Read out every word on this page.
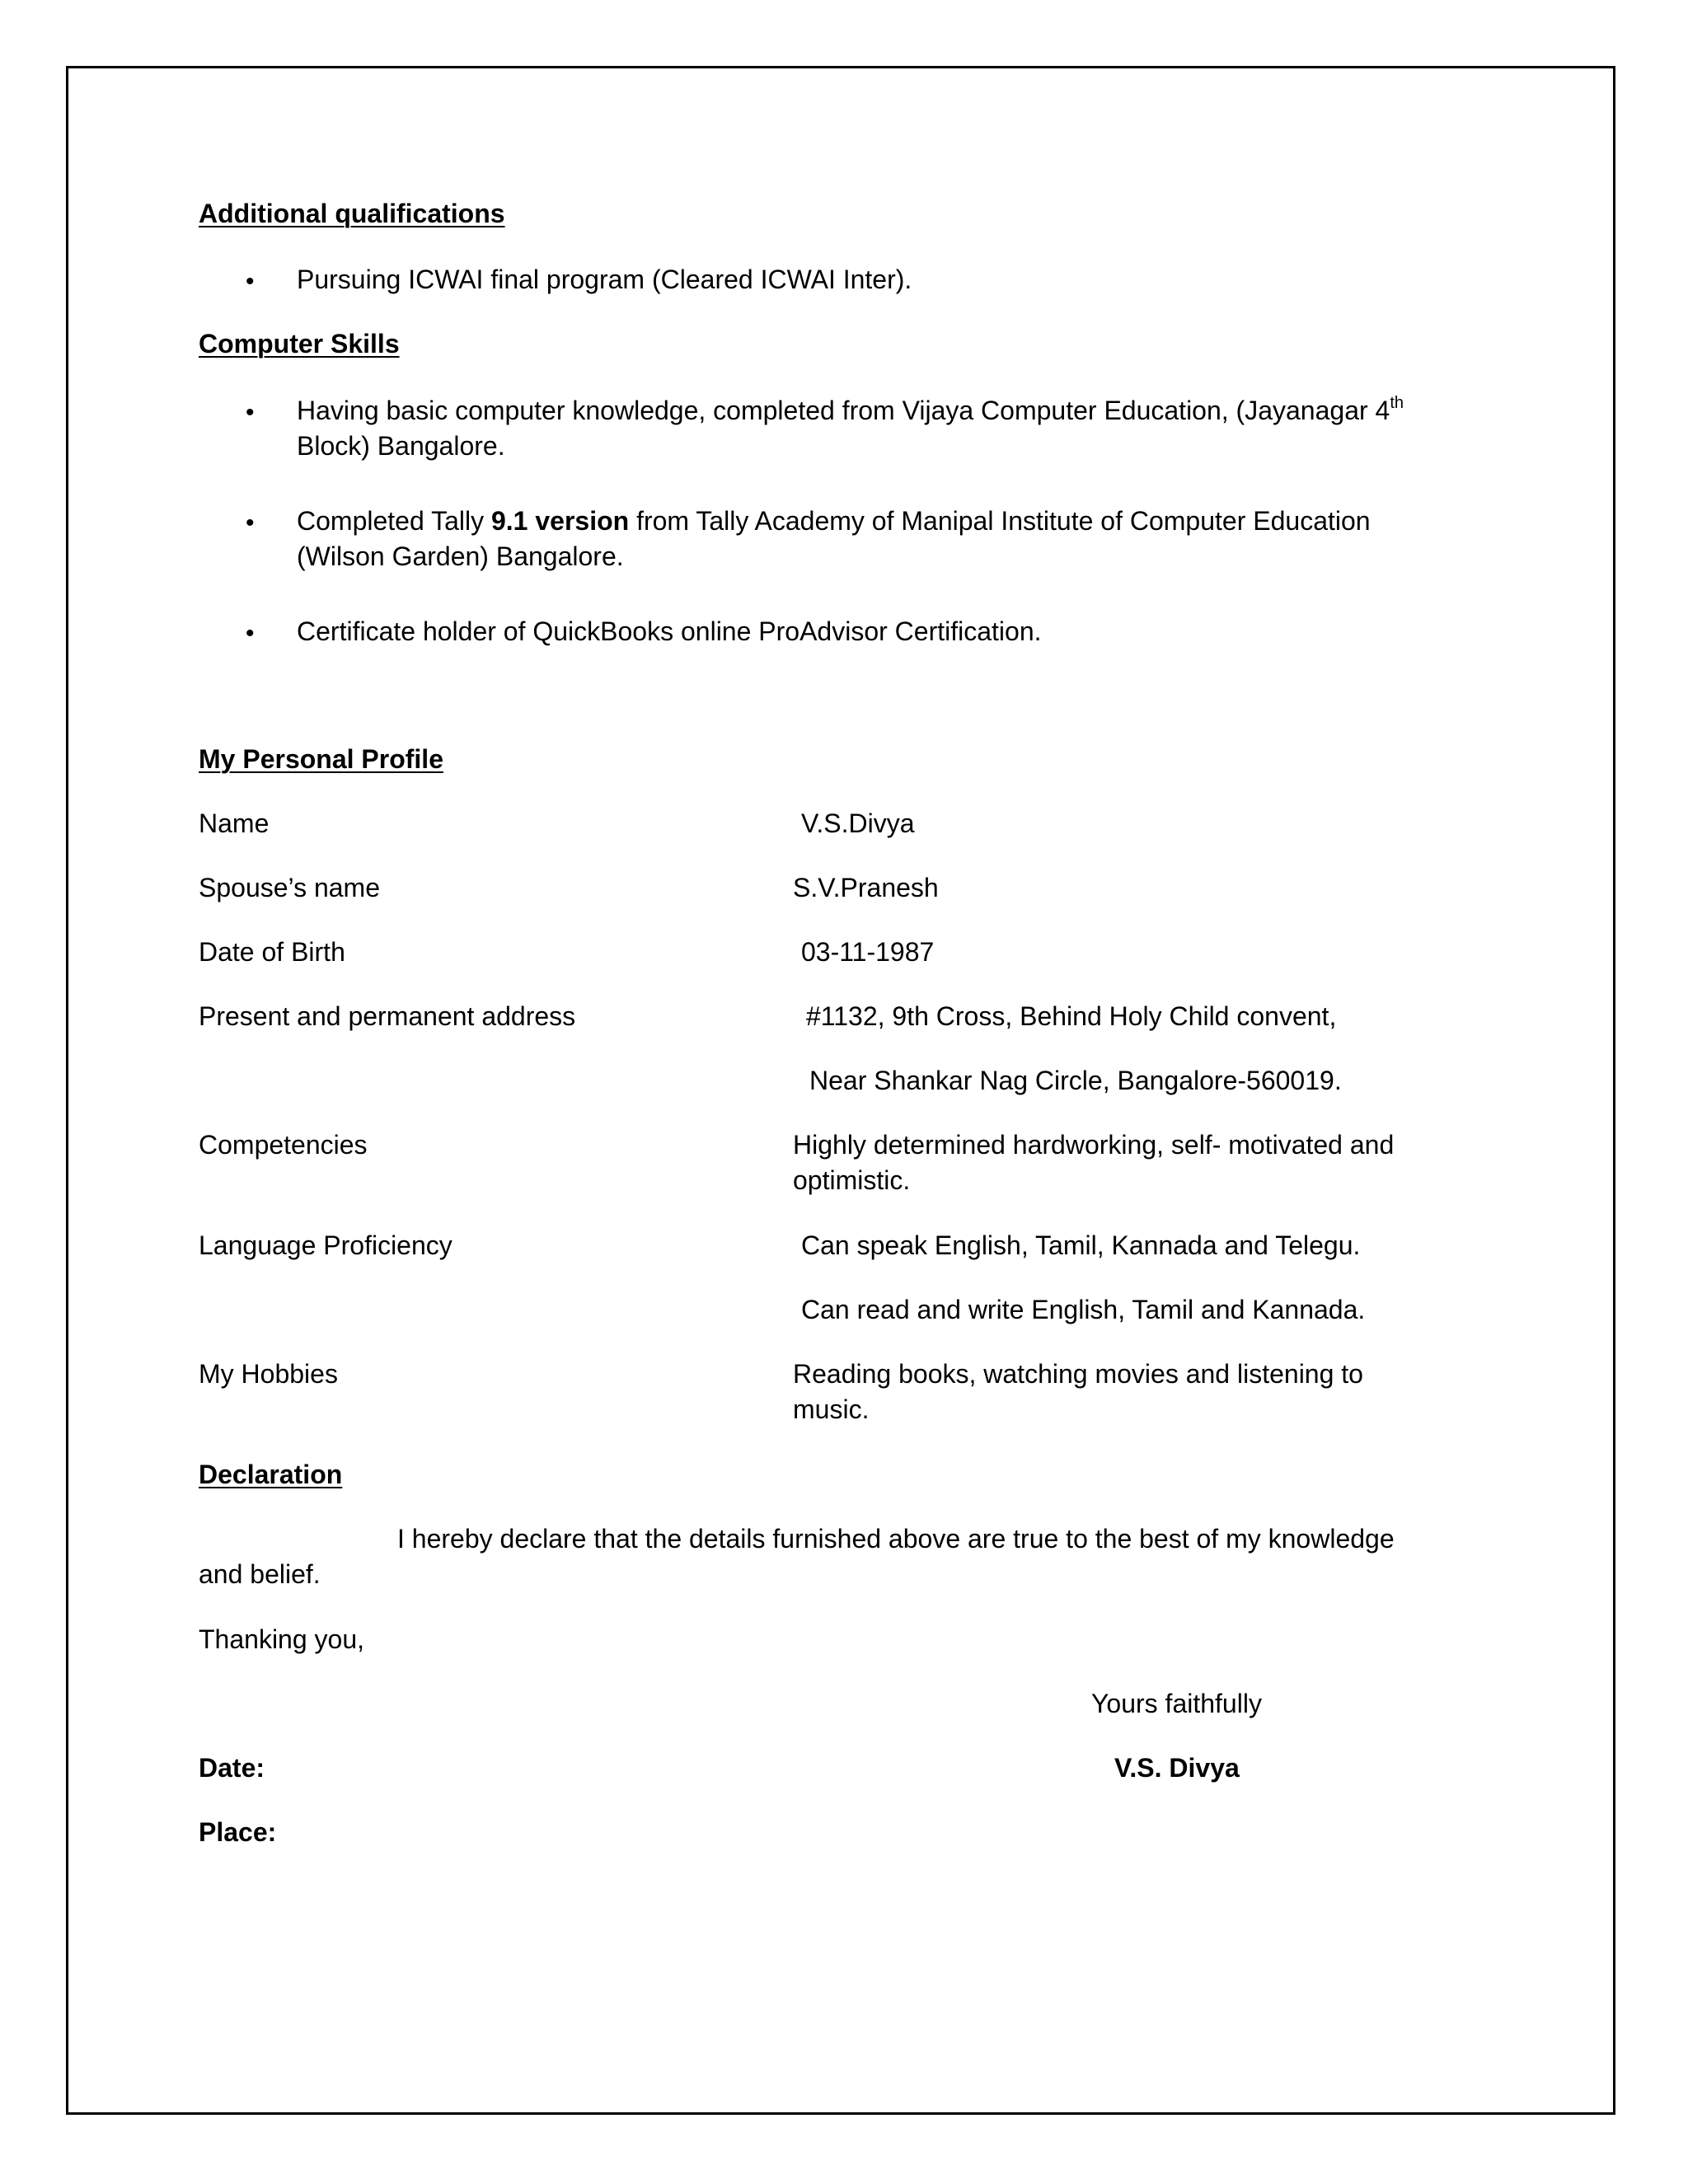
Additional qualifications
• Pursuing ICWAI final program (Cleared ICWAI Inter).
Computer Skills
• Having basic computer knowledge, completed from Vijaya Computer Education, (Jayanagar 4th
Block) Bangalore.
• Completed Tally 9.1 version from Tally Academy of Manipal Institute of Computer Education
(Wilson Garden) Bangalore.
• Certificate holder of QuickBooks online ProAdvisor Certification.
My Personal Profile
Name	V.S.Divya
Spouse’s name	S.V.Pranesh
Date of Birth	03-11-1987
Present and permanent address	#1132, 9th Cross, Behind Holy Child convent,
Near Shankar Nag Circle, Bangalore-560019.
Competencies	Highly determined hardworking, self- motivated and
optimistic.
Language Proficiency	Can speak English, Tamil, Kannada and Telegu.
Can read and write English, Tamil and Kannada.
My Hobbies	Reading books, watching movies and listening to
music.
Declaration
I hereby declare that the details furnished above are true to the best of my knowledge
and belief.
Thanking you,
Yours faithfully
Date:	V.S. Divya
Place:
